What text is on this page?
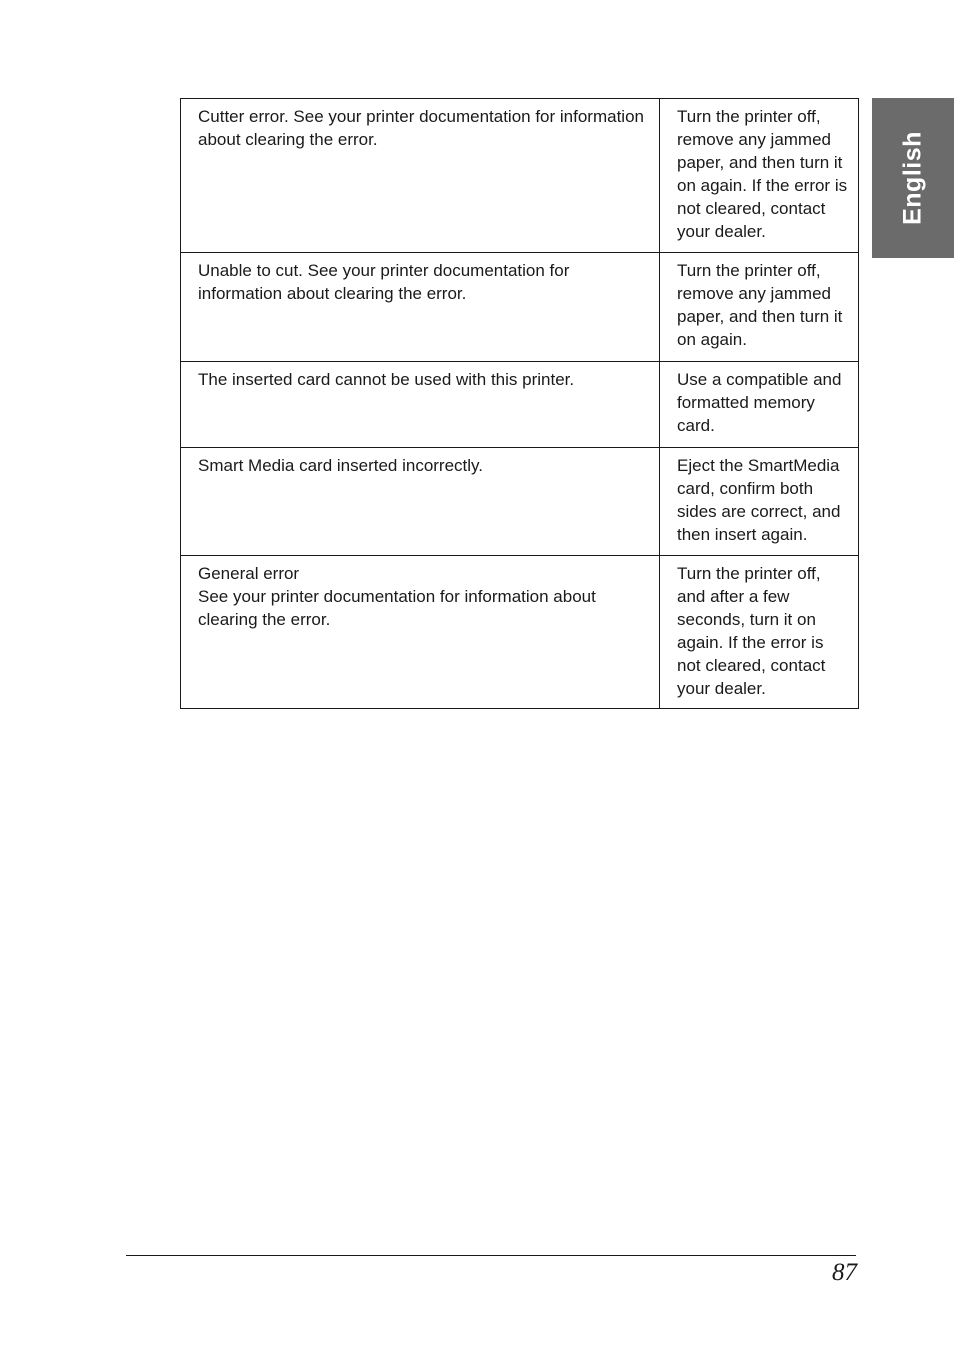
English
Cutter error. See your printer documentation for information about clearing the error.	Turn the printer off, remove any jammed paper, and then turn it on again. If the error is not cleared, contact your dealer.

Unable to cut. See your printer documentation for information about clearing the error.	Turn the printer off, remove any jammed paper, and then turn it on again.

The inserted card cannot be used with this printer.	Use a compatible and formatted memory card.

Smart Media card inserted incorrectly.	Eject the SmartMedia card, confirm both sides are correct, and then insert again.

General error
See your printer documentation for information about clearing the error.	Turn the printer off, and after a few seconds, turn it on again. If the error is not cleared, contact your dealer.
87
